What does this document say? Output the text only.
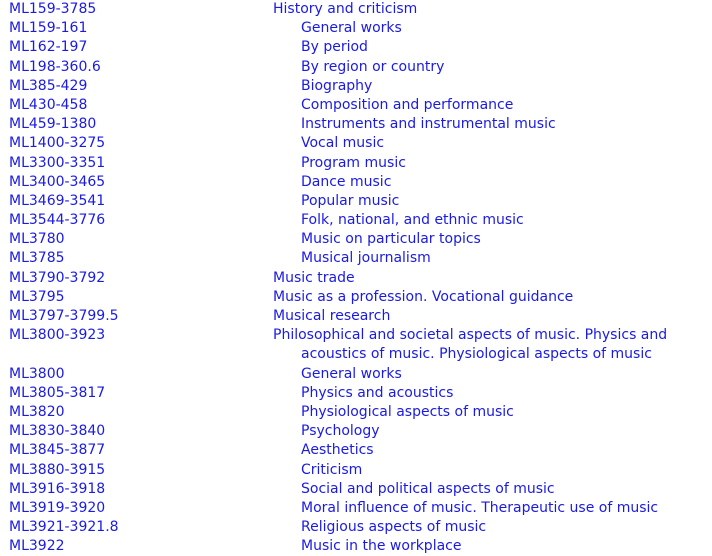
ML159-3785	History and criticism
ML159-161	General works
ML162-197	By period
ML198-360.6	By region or country
ML385-429	Biography
ML430-458	Composition and performance
ML459-1380	Instruments and instrumental music
ML1400-3275	Vocal music
ML3300-3351	Program music
ML3400-3465	Dance music
ML3469-3541	Popular music
ML3544-3776	Folk, national, and ethnic music
ML3780	Music on particular topics
ML3785	Musical journalism
ML3790-3792	Music trade
ML3795	Music as a profession. Vocational guidance
ML3797-3799.5	Musical research
ML3800-3923	Philosophical and societal aspects of music. Physics and acoustics of music. Physiological aspects of music
ML3800	General works
ML3805-3817	Physics and acoustics
ML3820	Physiological aspects of music
ML3830-3840	Psychology
ML3845-3877	Aesthetics
ML3880-3915	Criticism
ML3916-3918	Social and political aspects of music
ML3919-3920	Moral influence of music. Therapeutic use of music
ML3921-3921.8	Religious aspects of music
ML3922	Music in the workplace
